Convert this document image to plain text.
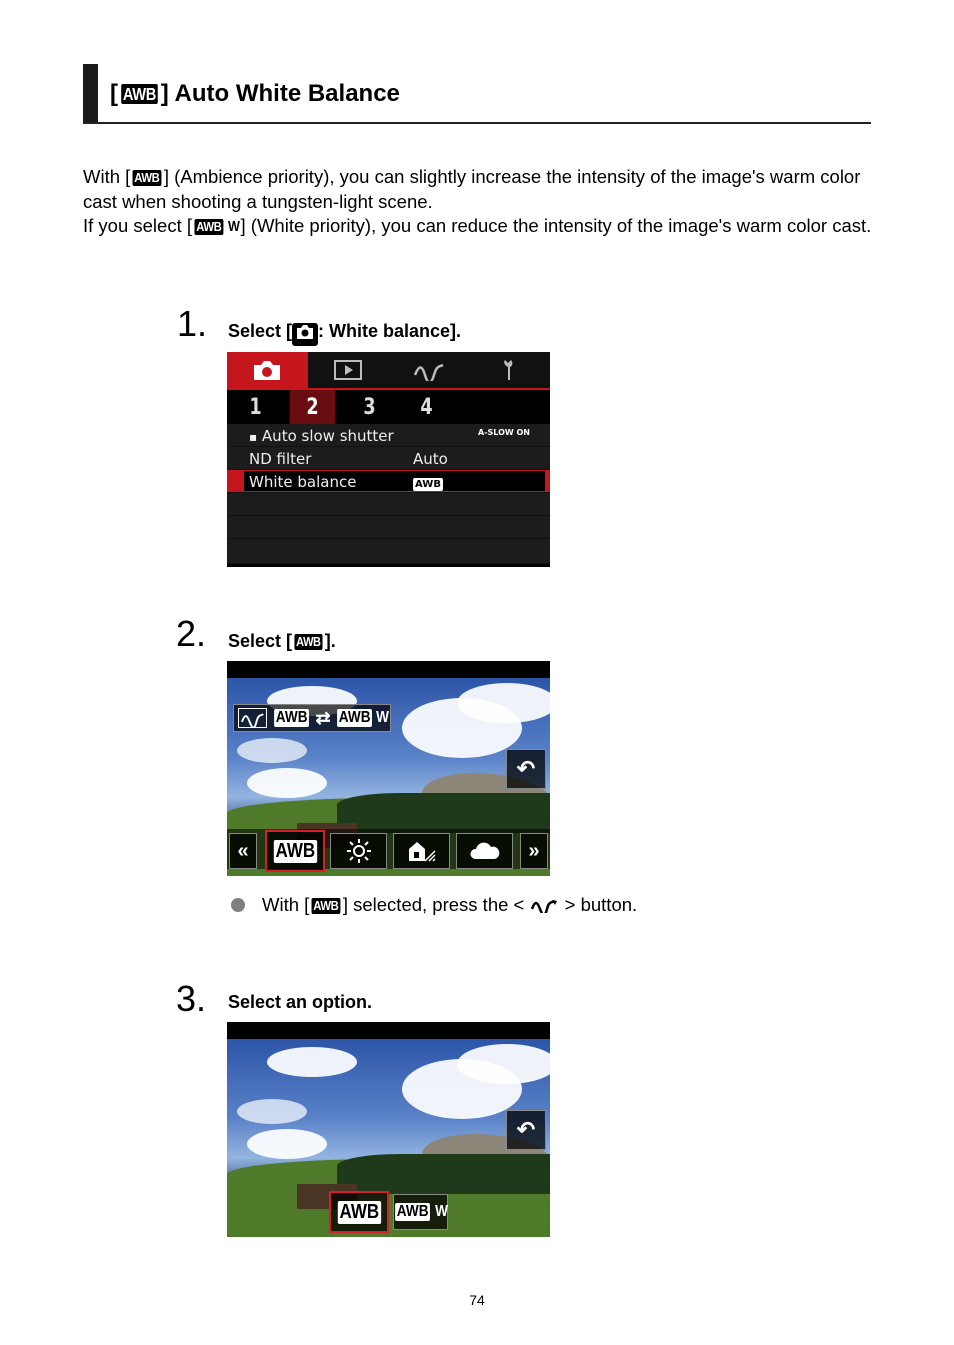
[ AWB ] Auto White Balance

With [ AWB ] (Ambience priority), you can slightly increase the intensity of the image's warm color cast when shooting a tungsten-light scene.

If you select [ AWB W ] (White priority), you can reduce the intensity of the image's warm color cast.

1. Select [ : White balance].
1	2	3	4
▪ Auto slow shutter	A-SLOW ON
ND filter	Auto
White balance	AWB
2. Select [ AWB ].
AWB ⇄ AWB W
↶
« AWB	»
With [ AWB ] selected, press the < > button.
3. Select an option.
↶
AWB AWB W
74
